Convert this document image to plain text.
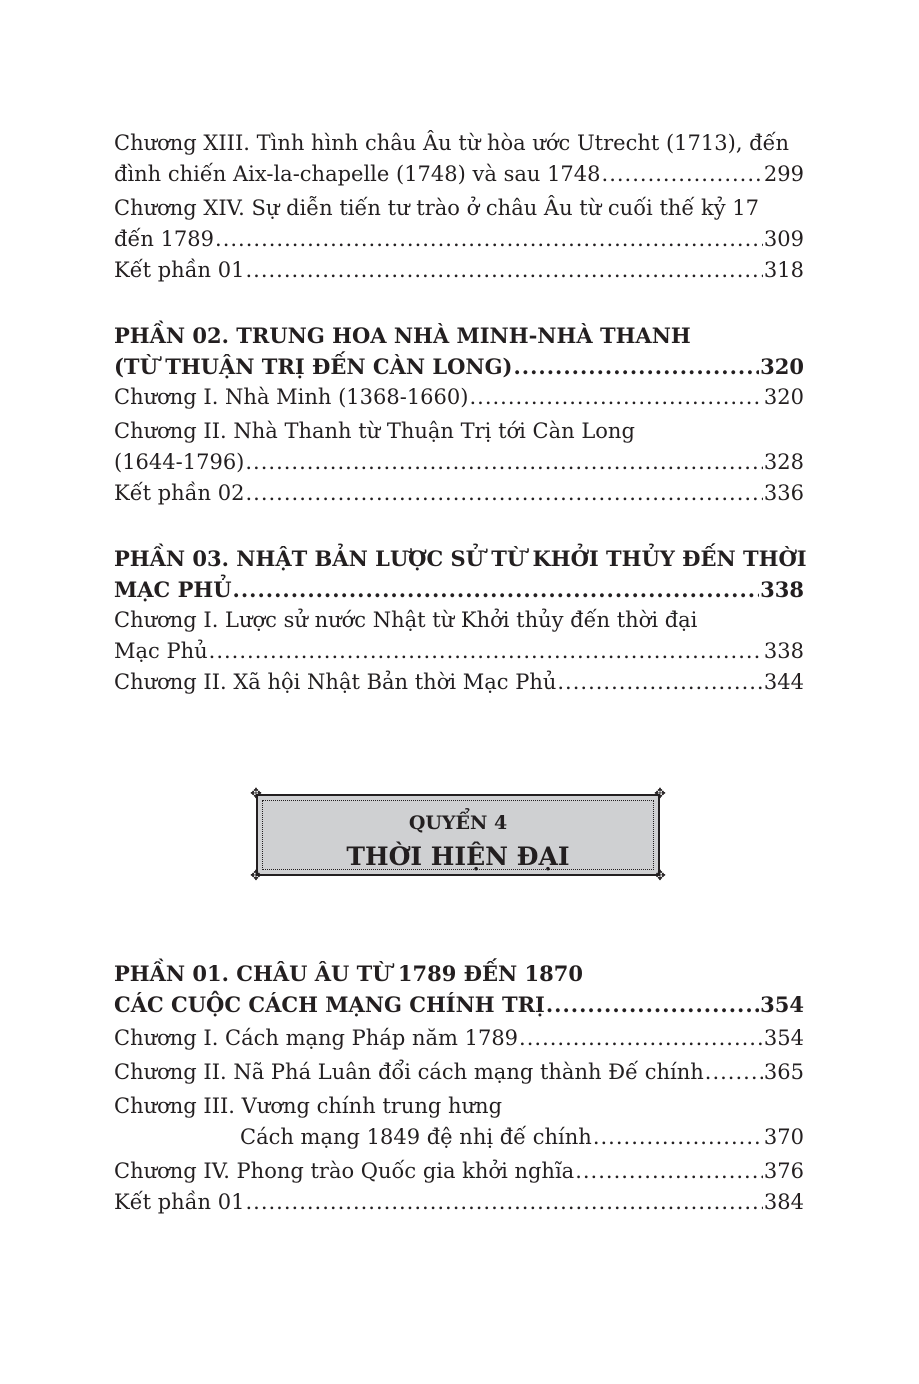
Chương XIII. Tình hình châu Âu từ hòa ước Utrecht (1713), đến
đình chiến Aix-la-chapelle (1748) và sau 1748 .....	299
Chương XIV. Sự diễn tiến tư trào ở châu Âu từ cuối thế kỷ 17
đến 1789 .....	309
Kết phần 01 .....	318
PHẦN 02. TRUNG HOA NHÀ MINH-NHÀ THANH
(TỪ THUẬN TRỊ ĐẾN CÀN LONG) .....	320
Chương I. Nhà Minh (1368-1660) .....	320
Chương II. Nhà Thanh từ Thuận Trị tới Càn Long
(1644-1796) .....	328
Kết phần 02 .....	336
PHẦN 03. NHẬT BẢN LƯỢC SỬ TỪ KHỞI THỦY ĐẾN THỜI
MẠC PHỦ .....	338
Chương I. Lược sử nước Nhật từ Khởi thủy đến thời đại
Mạc Phủ .....	338
Chương II. Xã hội Nhật Bản thời Mạc Phủ .....	344
✥	✥
✥	✥
QUYỂN 4
THỜI HIỆN ĐẠI
PHẦN 01. CHÂU ÂU TỪ 1789 ĐẾN 1870
CÁC CUỘC CÁCH MẠNG CHÍNH TRỊ .....	354
Chương I. Cách mạng Pháp năm 1789 .....	354
Chương II. Nã Phá Luân đổi cách mạng thành Đế chính .....	365
Chương III. Vương chính trung hưng
Cách mạng 1849 đệ nhị đế chính .....	370
Chương IV. Phong trào Quốc gia khởi nghĩa .....	376
Kết phần 01 .....	384
